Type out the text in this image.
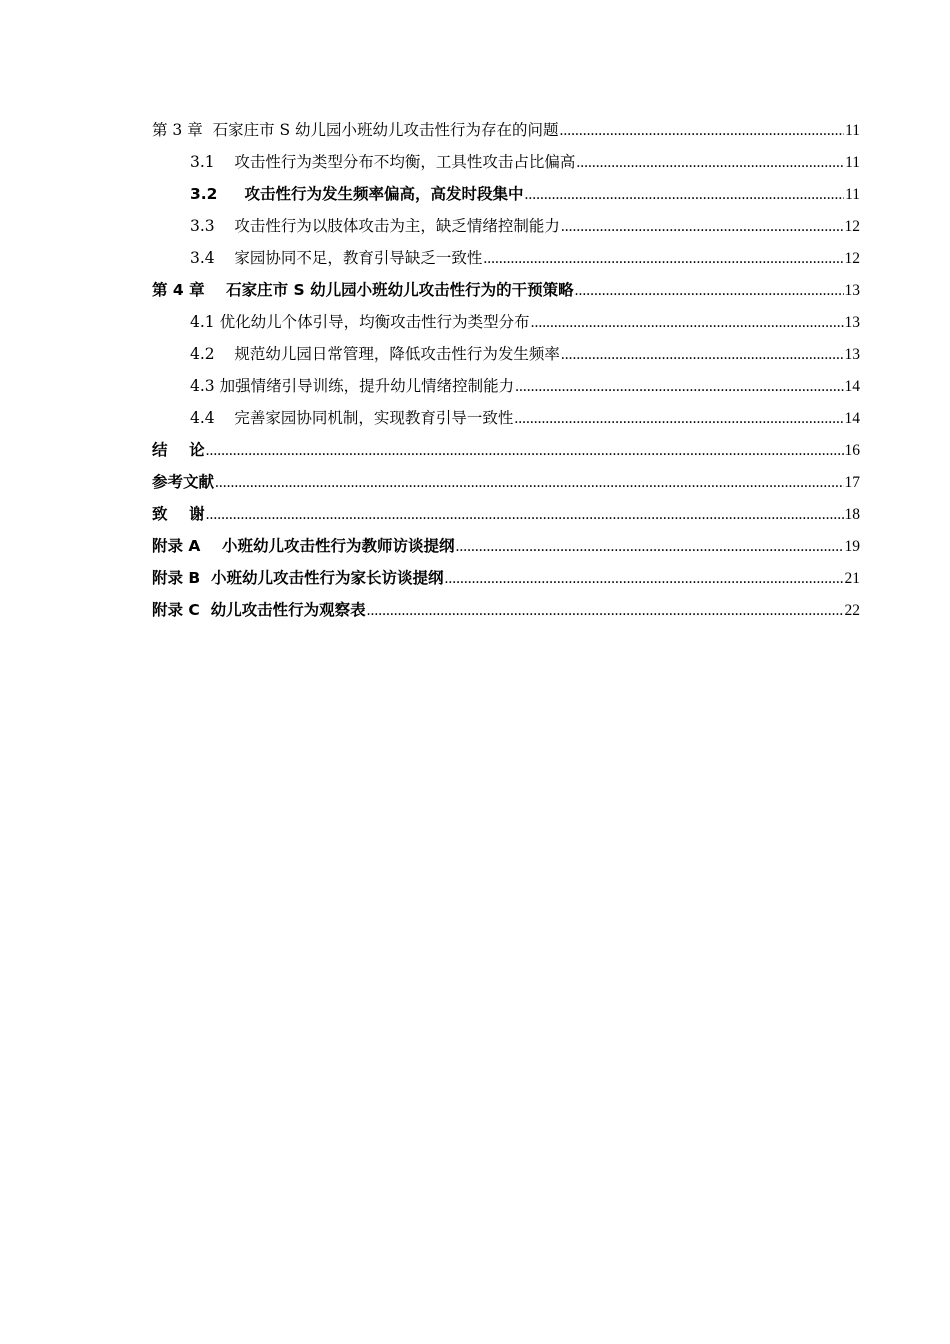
第 3 章  石家庄市 S 幼儿园小班幼儿攻击性行为存在的问题 .....	11
3.1    攻击性行为类型分布不均衡，工具性攻击占比偏高 .....	11
3.2     攻击性行为发生频率偏高，高发时段集中 .....	11
3.3    攻击性行为以肢体攻击为主，缺乏情绪控制能力 .....	12
3.4    家园协同不足，教育引导缺乏一致性 .....	12
第 4 章    石家庄市 S 幼儿园小班幼儿攻击性行为的干预策略 .....	13
4.1 优化幼儿个体引导，均衡攻击性行为类型分布 .....	13
4.2    规范幼儿园日常管理，降低攻击性行为发生频率 .....	13
4.3 加强情绪引导训练，提升幼儿情绪控制能力 .....	14
4.4    完善家园协同机制，实现教育引导一致性 .....	14
结    论 .....	16
参考文献 .....	17
致    谢 .....	18
附录 A    小班幼儿攻击性行为教师访谈提纲 .....	19
附录 B  小班幼儿攻击性行为家长访谈提纲 .....	21
附录 C  幼儿攻击性行为观察表 .....	22
